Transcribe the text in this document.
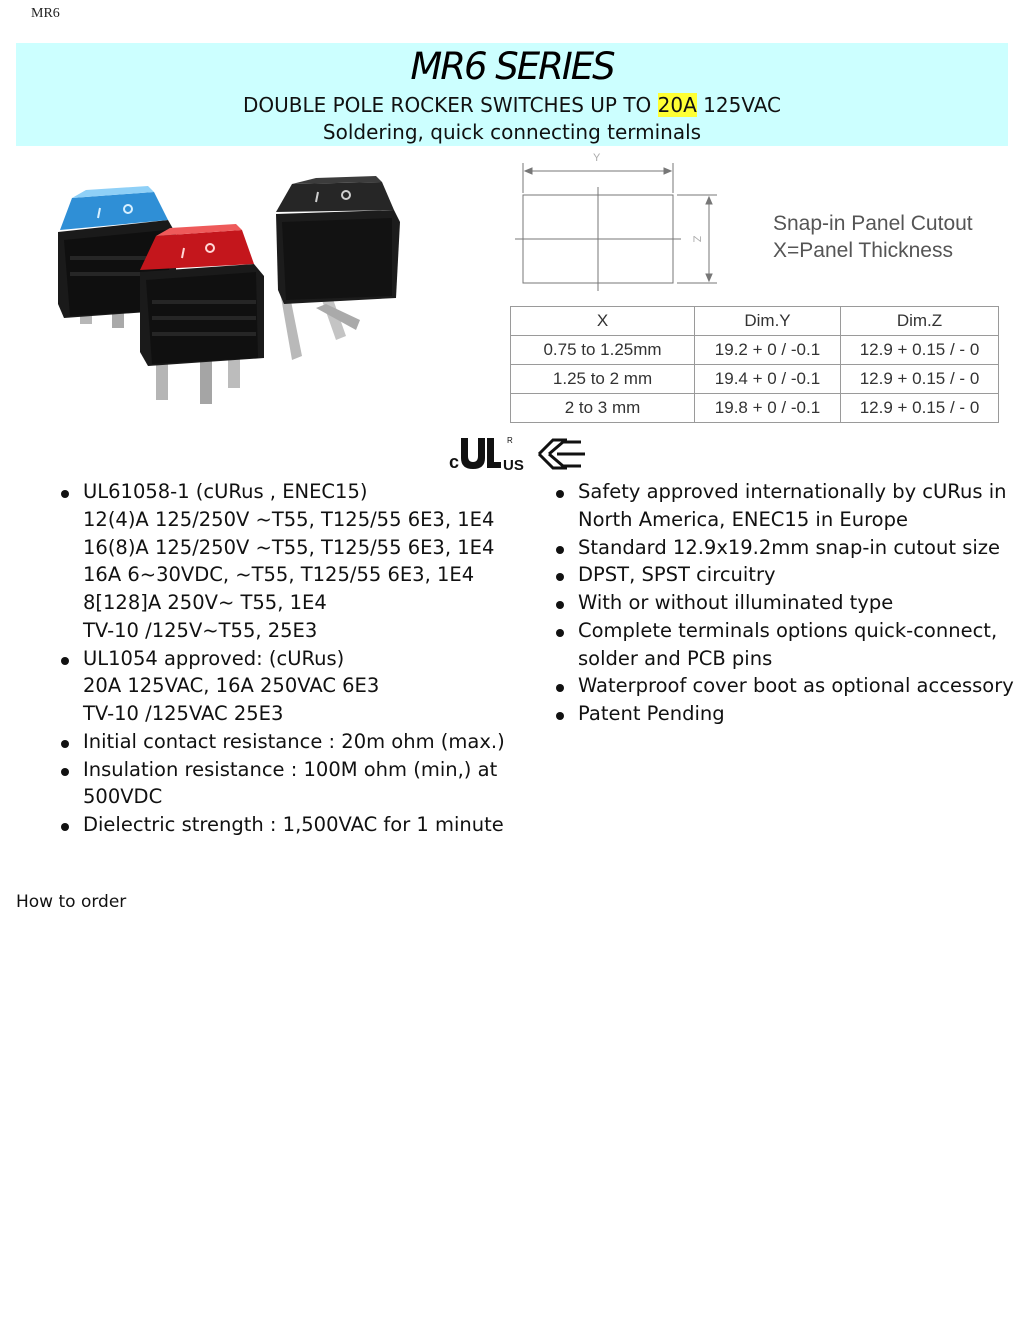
MR6
MR6 SERIES
DOUBLE POLE ROCKER SWITCHES UP TO 20A 125VAC
Soldering, quick connecting terminals
Y
Z
Snap-in Panel Cutout
X=Panel Thickness
X	Dim.Y	Dim.Z
0.75 to 1.25mm	19.2 + 0 / -0.1	12.9 + 0.15 / - 0
1.25 to 2 mm	19.4 + 0 / -0.1	12.9 + 0.15 / - 0
2 to 3 mm	19.8 + 0 / -0.1	12.9 + 0.15 / - 0
c
R
US
UL61058-1 (cURus , ENEC15)
12(4)A 125/250V ~T55, T125/55 6E3, 1E4
16(8)A 125/250V ~T55, T125/55 6E3, 1E4
16A 6~30VDC, ~T55, T125/55 6E3, 1E4
8[128]A 250V~ T55, 1E4
TV-10 /125V~T55, 25E3
UL1054 approved: (cURus)
20A 125VAC, 16A 250VAC 6E3
TV-10 /125VAC 25E3
Initial contact resistance : 20m ohm (max.)
Insulation resistance : 100M ohm (min,) at
500VDC
Dielectric strength : 1,500VAC for 1 minute
Safety approved internationally by cURus in
North America, ENEC15 in Europe
Standard 12.9x19.2mm snap-in cutout size
DPST, SPST circuitry
With or without illuminated type
Complete terminals options quick-connect,
solder and PCB pins
Waterproof cover boot as optional accessory
Patent Pending
How to order
